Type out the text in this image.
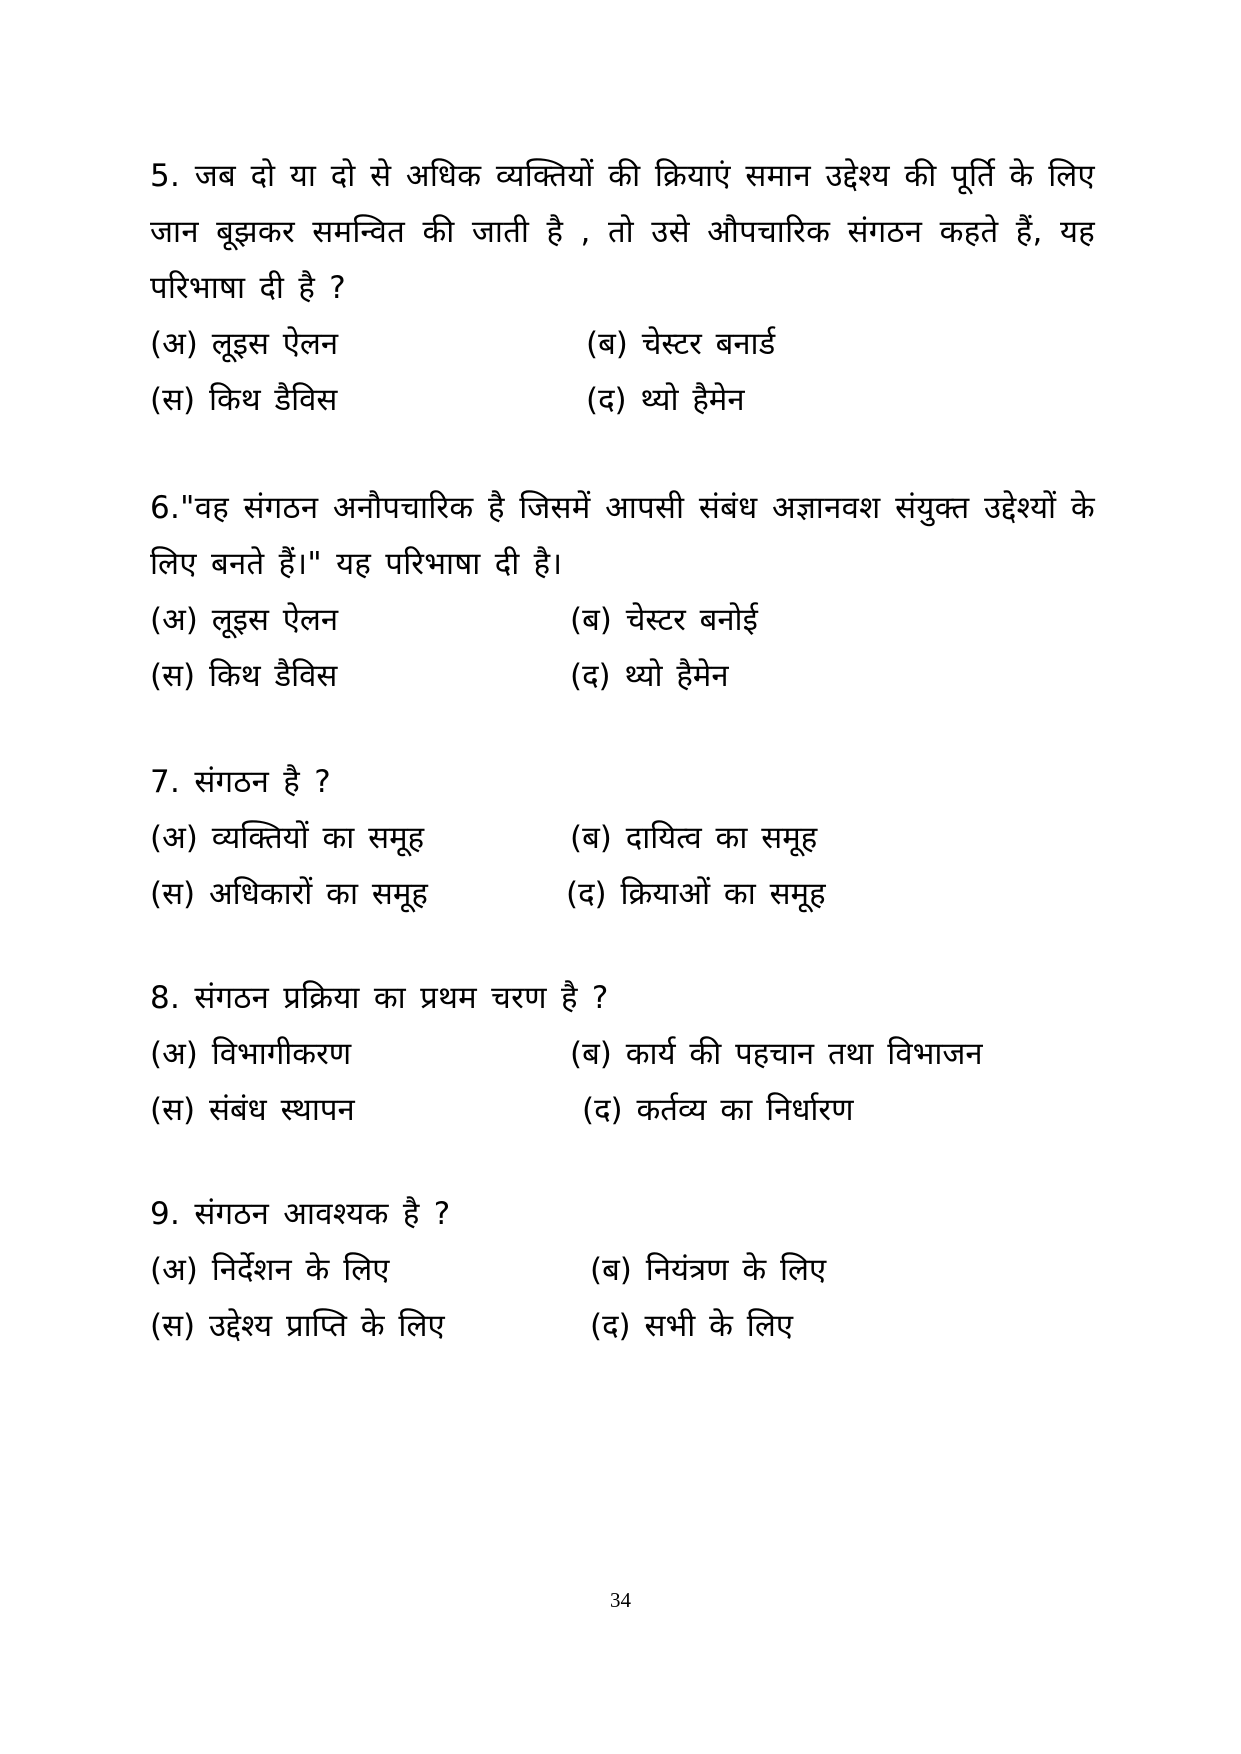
5. जब दो या दो से अधिक व्यक्तियों की क्रियाएं समान उद्देश्य की पूर्ति के लिए जान बूझकर समन्वित की जाती है , तो उसे औपचारिक संगठन कहते हैं, यह परिभाषा दी है ?

(अ) लूइस ऐलन	(ब) चेस्टर बनार्ड
(स) किथ डैविस	(द) थ्यो हैमेन

6."वह संगठन अनौपचारिक है जिसमें आपसी संबंध अज्ञानवश संयुक्त उद्देश्यों के लिए बनते हैं।" यह परिभाषा दी है।

(अ) लूइस ऐलन	(ब) चेस्टर बनोई
(स) किथ डैविस	(द) थ्यो हैमेन

7. संगठन है ?

(अ) व्यक्तियों का समूह	(ब) दायित्व का समूह
(स) अधिकारों का समूह	(द) क्रियाओं का समूह

8. संगठन प्रक्रिया का प्रथम चरण है ?

(अ) विभागीकरण	(ब) कार्य की पहचान तथा विभाजन
(स) संबंध स्थापन	(द) कर्तव्य का निर्धारण

9. संगठन आवश्यक है ?

(अ) निर्देशन के लिए	(ब) नियंत्रण के लिए
(स) उद्देश्य प्राप्ति के लिए	(द) सभी के लिए
34
